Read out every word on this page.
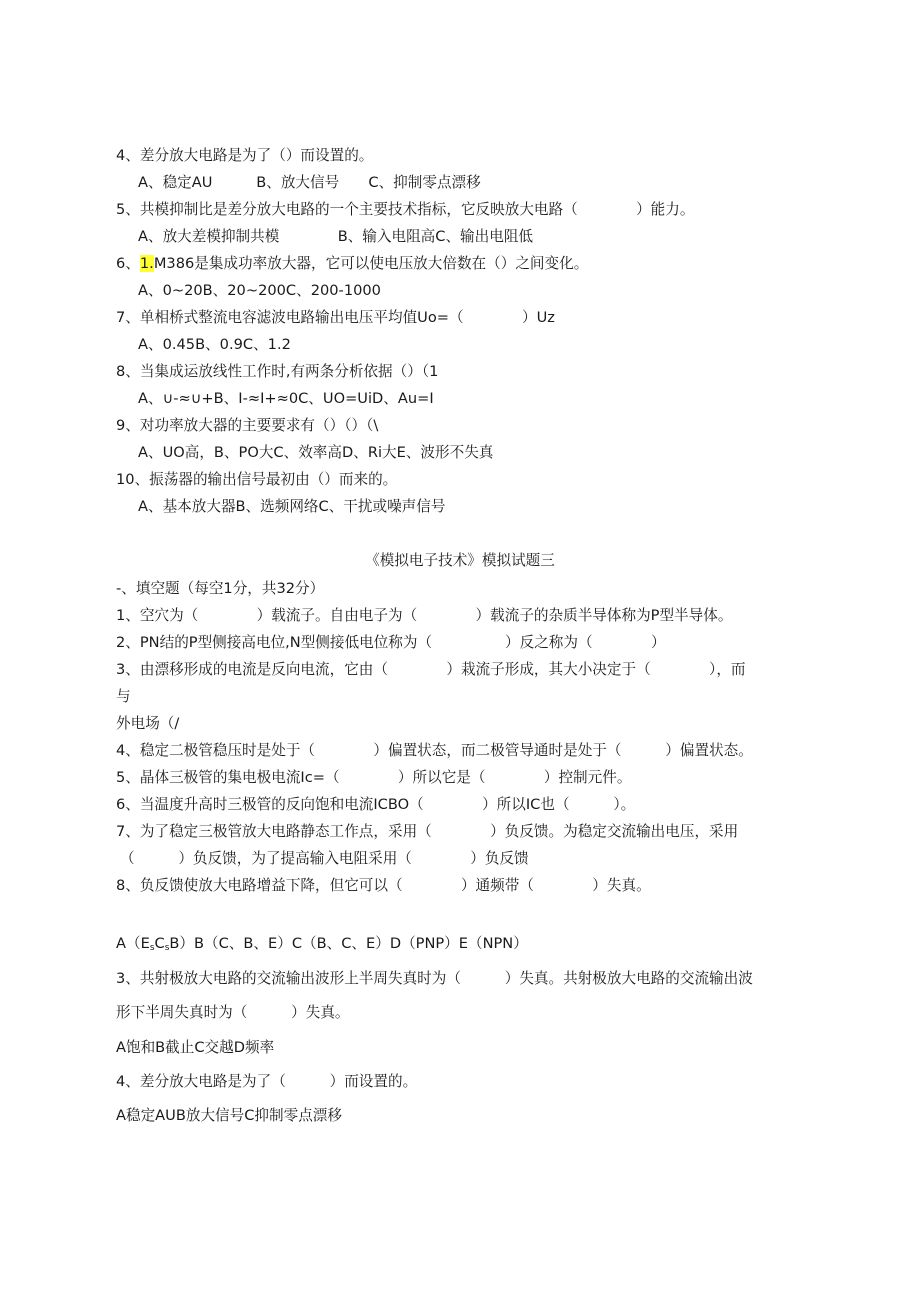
4、差分放大电路是为了（）而设置的。
A、稳定AU　　　B、放大信号　　C、抑制零点漂移
5、共模抑制比是差分放大电路的一个主要技术指标，它反映放大电路（　　　　）能力。
A、放大差模抑制共模　　　　B、输入电阻高C、输出电阻低
6、1.M386是集成功率放大器，它可以使电压放大倍数在（）之间变化。
A、0~20B、20~200C、200-1000
7、单相桥式整流电容滤波电路输出电压平均值Uo=（　　　　）Uz
A、0.45B、0.9C、1.2
8、当集成运放线性工作时,有两条分析依据（）（1
A、∪-≈∪+B、I-≈I+≈0C、UO=UiD、Au=I
9、对功率放大器的主要要求有（）（）（\
A、UO高，B、PO大C、效率高D、Ri大E、波形不失真
10、振荡器的输出信号最初由（）而来的。
A、基本放大器B、选频网络C、干扰或噪声信号
《模拟电子技术》模拟试题三
-、填空题（每空1分，共32分）
1、空穴为（　　　　）载流子。自由电子为（　　　　）载流子的杂质半导体称为P型半导体。
2、PN结的P型侧接高电位,N型侧接低电位称为（　　　　　）反之称为（　　　　）
3、由漂移形成的电流是反向电流，它由（　　　　）栽流子形成，其大小决定于（　　　　），而
与
外电场（/
4、稳定二极管稳压时是处于（　　　　）偏置状态，而二极管导通时是处于（　　　）偏置状态。
5、晶体三极管的集电极电流Ic=（　　　　）所以它是（　　　　）控制元件。
6、当温度升高时三极管的反向饱和电流ICBO（　　　　）所以IC也（　　　）。
7、为了稳定三极管放大电路静态工作点，采用（　　　　）负反馈。为稳定交流输出电压，采用
（　　　）负反馈，为了提高输入电阻采用（　　　　）负反馈
8、负反馈使放大电路增益下降，但它可以（　　　　）通频带（　　　　）失真。
$A(E_sC_sB)B(C$、B、E）C（B、C、E）D（PNP）E（NPN）
3、共射极放大电路的交流输出波形上半周失真时为（　　　）失真。共射极放大电路的交流输出波
形下半周失真时为（　　　）失真。
A饱和B截止C交越D频率
4、差分放大电路是为了（　　　）而设置的。
A稳定AUB放大信号C抑制零点漂移
